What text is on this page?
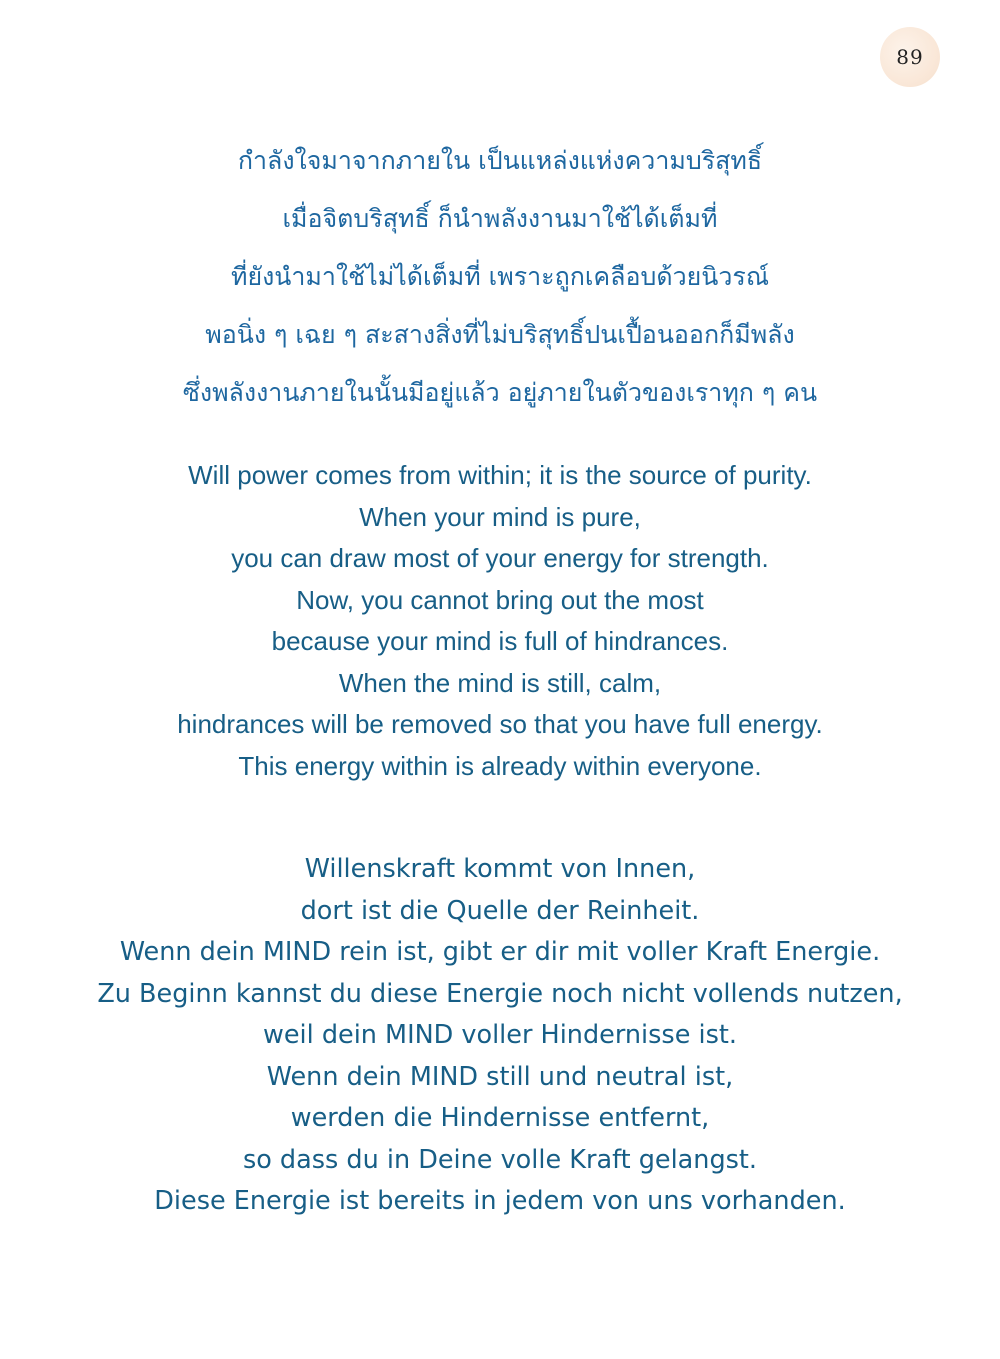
89
กำลังใจมาจากภายใน เป็นแหล่งแห่งความบริสุทธิ์
เมื่อจิตบริสุทธิ์ ก็นำพลังงานมาใช้ได้เต็มที่
ที่ยังนำมาใช้ไม่ได้เต็มที่ เพราะถูกเคลือบด้วยนิวรณ์
พอนิ่ง ๆ เฉย ๆ สะสางสิ่งที่ไม่บริสุทธิ์ปนเปื้อนออกก็มีพลัง
ซึ่งพลังงานภายในนั้นมีอยู่แล้ว อยู่ภายในตัวของเราทุก ๆ คน
Will power comes from within; it is the source of purity.
When your mind is pure,
you can draw most of your energy for strength.
Now, you cannot bring out the most
because your mind is full of hindrances.
When the mind is still, calm,
hindrances will be removed so that you have full energy.
This energy within is already within everyone.
Willenskraft kommt von Innen,
dort ist die Quelle der Reinheit.
Wenn dein MIND rein ist, gibt er dir mit voller Kraft Energie.
Zu Beginn kannst du diese Energie noch nicht vollends nutzen,
weil dein MIND voller Hindernisse ist.
Wenn dein MIND still und neutral ist,
werden die Hindernisse entfernt,
so dass du in Deine volle Kraft gelangst.
Diese Energie ist bereits in jedem von uns vorhanden.
